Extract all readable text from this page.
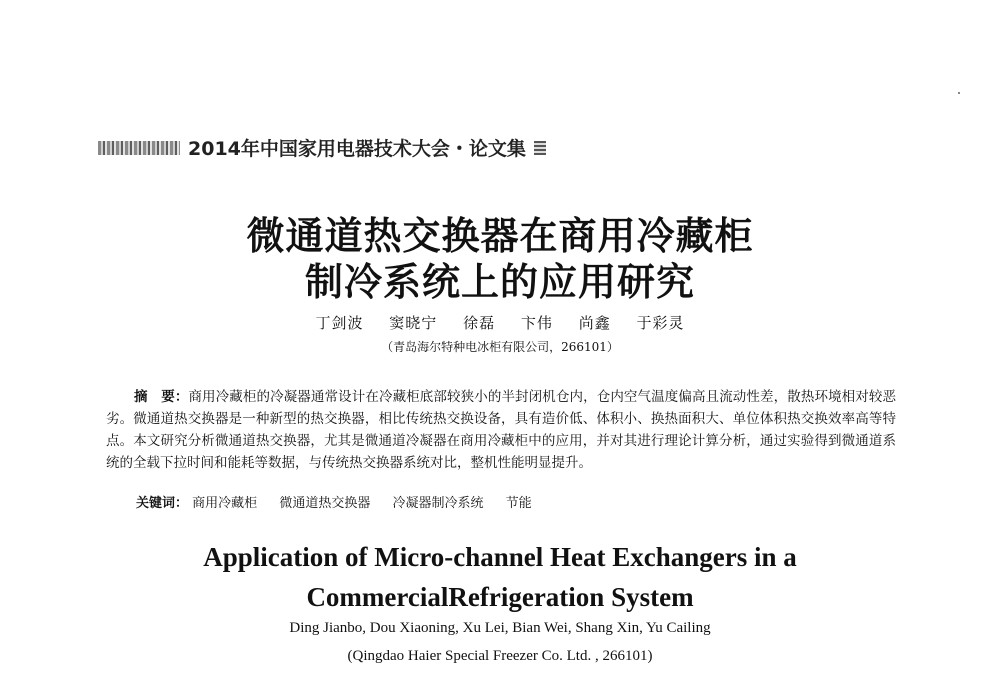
2014年中国家用电器技术大会・论文集
微通道热交换器在商用冷藏柜
制冷系统上的应用研究
丁剑波 窦晓宁 徐磊 卞伟 尚鑫 于彩灵
（青岛海尔特种电冰柜有限公司，266101）
摘　要：商用冷藏柜的冷凝器通常设计在冷藏柜底部较狭小的半封闭机仓内，仓内空气温度偏高且流动性差，散热环境相对较恶劣。微通道热交换器是一种新型的热交换器，相比传统热交换设备，具有造价低、体积小、换热面积大、单位体积热交换效率高等特点。本文研究分析微通道热交换器，尤其是微通道冷凝器在商用冷藏柜中的应用，并对其进行理论计算分析，通过实验得到微通道系统的全载下拉时间和能耗等数据，与传统热交换器系统对比，整机性能明显提升。
关键词： 商用冷藏柜 微通道热交换器 冷凝器制冷系统 节能
Application of Micro-channel Heat Exchangers in a
CommercialRefrigeration System
Ding Jianbo, Dou Xiaoning, Xu Lei, Bian Wei, Shang Xin, Yu Cailing
(Qingdao Haier Special Freezer Co. Ltd. , 266101)
